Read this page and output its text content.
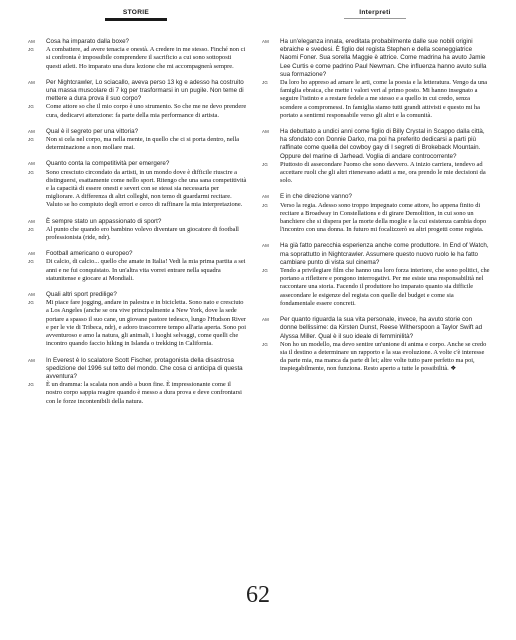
STORIE	Interpreti
AM	Cosa ha imparato dalla boxe?

JG	A combattere, ad avere tenacia e onestà. A credere in me stesso. Finché non ci si confronta è impossibile comprendere il sacrificio a cui sono sottoposti questi atleti. Ho imparato una dura lezione che mi accompagnerà sempre.

AM	Per Nightcrawler, Lo sciacallo, aveva perso 13 kg e adesso ha costruito una massa muscolare di 7 kg per trasformarsi in un pugile. Non teme di mettere a dura prova il suo corpo?

JG	Come attore so che il mio corpo è uno strumento. So che me ne devo prendere cura, dedicarvi attenzione: fa parte della mia performance di artista.

AM	Qual è il segreto per una vittoria?

JG	Non si cela nel corpo, ma nella mente, in quello che ci si porta dentro, nella determinazione a non mollare mai.

AM	Quanto conta la competitività per emergere?

JG	Sono cresciuto circondato da artisti, in un mondo dove è difficile riuscire a distinguersi, esattamente come nello sport. Ritengo che una sana competitività e la capacità di essere onesti e severi con se stessi sia necessaria per migliorare. A differenza di altri colleghi, non temo di guardarmi recitare. Valuto se ho compiuto degli errori e cerco di raffinare la mia interpretazione.

AM	È sempre stato un appassionato di sport?

JG	Al punto che quando ero bambino volevo diventare un giocatore di football professionista (ride, ndr).

AM	Football americano o europeo?

JG	Di calcio, di calcio... quello che amate in Italia! Vedi la mia prima partita a sei anni e ne fui conquistato. In un'altra vita vorrei entrare nella squadra statunitense e giocare ai Mondiali.

AM	Quali altri sport predilige?

JG	Mi piace fare jogging, andare in palestra e in bicicletta. Sono nato e cresciuto a Los Angeles (anche se ora vive principalmente a New York, dove la sede portare a spasso il suo cane, un giovane pastore tedesco, lungo l'Hudson River e per le vie di Tribeca, ndr), e adoro trascorrere tempo all'aria aperta. Sono poi avventuroso e amo la natura, gli animali, i luoghi selvaggi, come quelli che incontro quando faccio hiking in Islanda o trekking in California.

AM	In Everest è lo scalatore Scott Fischer, protagonista della disastrosa spedizione del 1996 sul tetto del mondo. Che cosa ci anticipa di questa avventura?

JG	È un dramma: la scalata non andò a buon fine. È impressionante come il nostro corpo sappia reagire quando è messo a dura prova e deve confrontarsi con le forze incontenibili della natura.

AM	Ha un'eleganza innata, ereditata probabilmente dalle sue nobili origini ebraiche e svedesi. È figlio del regista Stephen e della sceneggiatrice Naomi Foner. Sua sorella Maggie è attrice. Come madrina ha avuto Jamie Lee Curtis e come padrino Paul Newman. Che influenza hanno avuto sulla sua formazione?

JG	Da loro ho appreso ad amare le arti, come la poesia e la letteratura. Vengo da una famiglia ebraica, che mette i valori veri al primo posto. Mi hanno insegnato a seguire l'istinto e a restare fedele a me stesso e a quello in cui credo, senza scendere a compromessi. In famiglia siamo tutti grandi attivisti e questo mi ha portato a sentirmi responsabile verso gli altri e la comunità.

AM	Ha debuttato a undici anni come figlio di Billy Crystal in Scappo dalla città, ha sfondato con Donnie Darko, ma poi ha preferito dedicarsi a parti più raffinate come quella del cowboy gay di I segreti di Brokeback Mountain. Oppure del marine di Jarhead. Voglia di andare controcorrente?

JG	Piuttosto di assecondare l'uomo che sono davvero. A inizio carriera, tendevo ad accettare ruoli che gli altri ritenevano adatti a me, ora prendo le mie decisioni da solo.

AM	E in che direzione vanno?

JG	Verso la regia. Adesso sono troppo impegnato come attore, ho appena finito di recitare a Broadway in Constellations e di girare Demolition, in cui sono un banchiere che si dispera per la morte della moglie e la cui esistenza cambia dopo l'incontro con una donna. In futuro mi focalizzerò su altri progetti come regista.

AM	Ha già fatto parecchia esperienza anche come produttore. In End of Watch, ma soprattutto in Nightcrawler. Assumere questo nuovo ruolo le ha fatto cambiare punto di vista sul cinema?

JG	Tendo a privilegiare film che hanno una loro forza interiore, che sono politici, che portano a riflettere e pongono interrogativi. Per me esiste una responsabilità nel raccontare una storia. Facendo il produttore ho imparato quanto sia difficile assecondare le esigenze del regista con quelle del budget e come sia fondamentale essere concreti.

AM	Per quanto riguarda la sua vita personale, invece, ha avuto storie con donne bellissime: da Kirsten Dunst, Reese Witherspoon a Taylor Swift ad Alyssa Miller. Qual è il suo ideale di femminilità?

JG	Non ho un modello, ma devo sentire un'unione di anima e corpo. Anche se credo sia il destino a determinare un rapporto e la sua evoluzione. A volte c'è interesse da parte mia, ma manca da parte di lei; altre volte tutto pare perfetto ma poi, inspiegabilmente, non funziona. Resto aperto a tutte le possibilità. ❖

62
